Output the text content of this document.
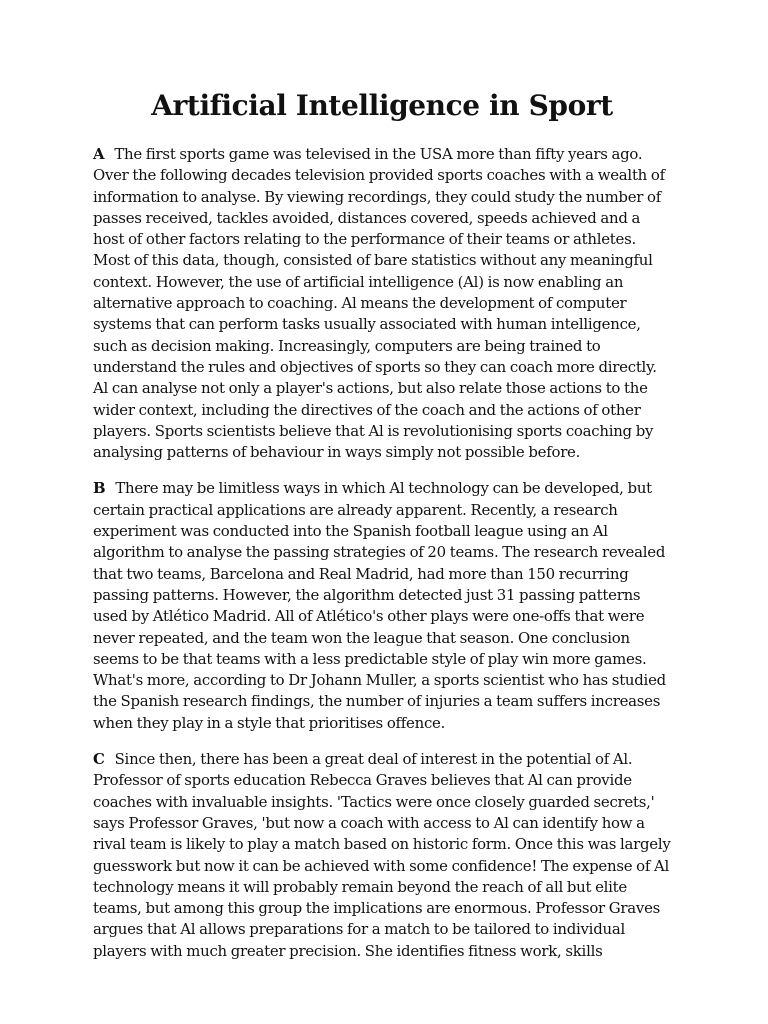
Artificial Intelligence in Sport

A The first sports game was televised in the USA more than fifty years ago. Over the following decades television provided sports coaches with a wealth of information to analyse. By viewing recordings, they could study the number of passes received, tackles avoided, distances covered, speeds achieved and a host of other factors relating to the performance of their teams or athletes. Most of this data, though, consisted of bare statistics without any meaningful context. However, the use of artificial intelligence (Al) is now enabling an alternative approach to coaching. Al means the development of computer systems that can perform tasks usually associated with human intelligence, such as decision making. Increasingly, computers are being trained to understand the rules and objectives of sports so they can coach more directly. Al can analyse not only a player's actions, but also relate those actions to the wider context, including the directives of the coach and the actions of other players. Sports scientists believe that Al is revolutionising sports coaching by analysing patterns of behaviour in ways simply not possible before.

B There may be limitless ways in which Al technology can be developed, but certain practical applications are already apparent. Recently, a research experiment was conducted into the Spanish football league using an Al algorithm to analyse the passing strategies of 20 teams. The research revealed that two teams, Barcelona and Real Madrid, had more than 150 recurring passing patterns. However, the algorithm detected just 31 passing patterns used by Atlético Madrid. All of Atlético's other plays were one-offs that were never repeated, and the team won the league that season. One conclusion seems to be that teams with a less predictable style of play win more games. What's more, according to Dr Johann Muller, a sports scientist who has studied the Spanish research findings, the number of injuries a team suffers increases when they play in a style that prioritises offence.

C Since then, there has been a great deal of interest in the potential of Al. Professor of sports education Rebecca Graves believes that Al can provide coaches with invaluable insights. 'Tactics were once closely guarded secrets,' says Professor Graves, 'but now a coach with access to Al can identify how a rival team is likely to play a match based on historic form. Once this was largely guesswork but now it can be achieved with some confidence! The expense of Al technology means it will probably remain beyond the reach of all but elite teams, but among this group the implications are enormous. Professor Graves argues that Al allows preparations for a match to be tailored to individual players with much greater precision. She identifies fitness work, skills
